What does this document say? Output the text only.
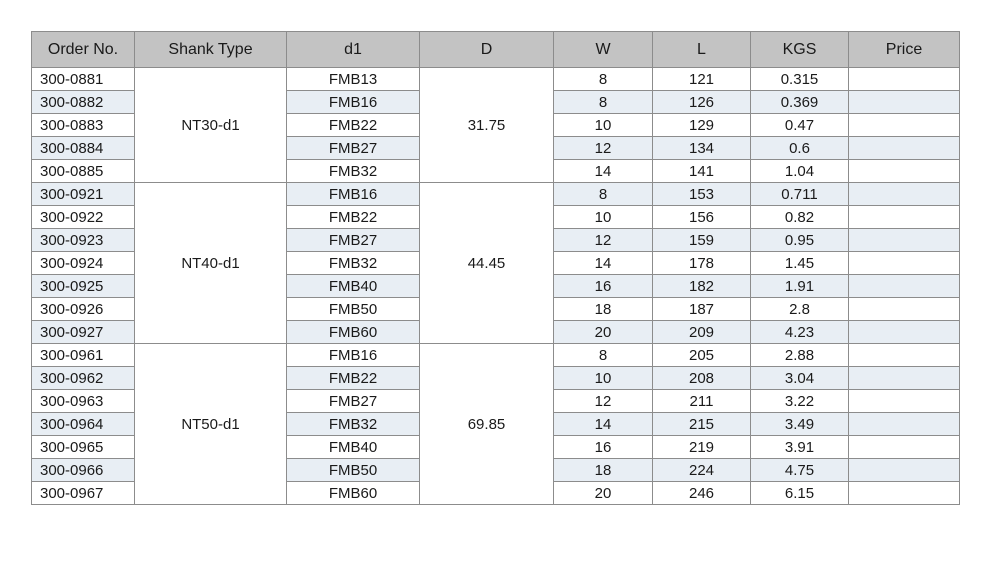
Order No.	Shank Type	d1	D	W	L	KGS	Price
300-0881	NT30-d1	FMB13	31.75	8	121	0.315	
300-0882		FMB16		8	126	0.369	
300-0883		FMB22		10	129	0.47	
300-0884		FMB27		12	134	0.6	
300-0885		FMB32		14	141	1.04	
300-0921	NT40-d1	FMB16	44.45	8	153	0.711	
300-0922		FMB22		10	156	0.82	
300-0923		FMB27		12	159	0.95	
300-0924		FMB32		14	178	1.45	
300-0925		FMB40		16	182	1.91	
300-0926		FMB50		18	187	2.8	
300-0927		FMB60		20	209	4.23	
300-0961	NT50-d1	FMB16	69.85	8	205	2.88	
300-0962		FMB22		10	208	3.04	
300-0963		FMB27		12	211	3.22	
300-0964		FMB32		14	215	3.49	
300-0965		FMB40		16	219	3.91	
300-0966		FMB50		18	224	4.75	
300-0967		FMB60		20	246	6.15	
